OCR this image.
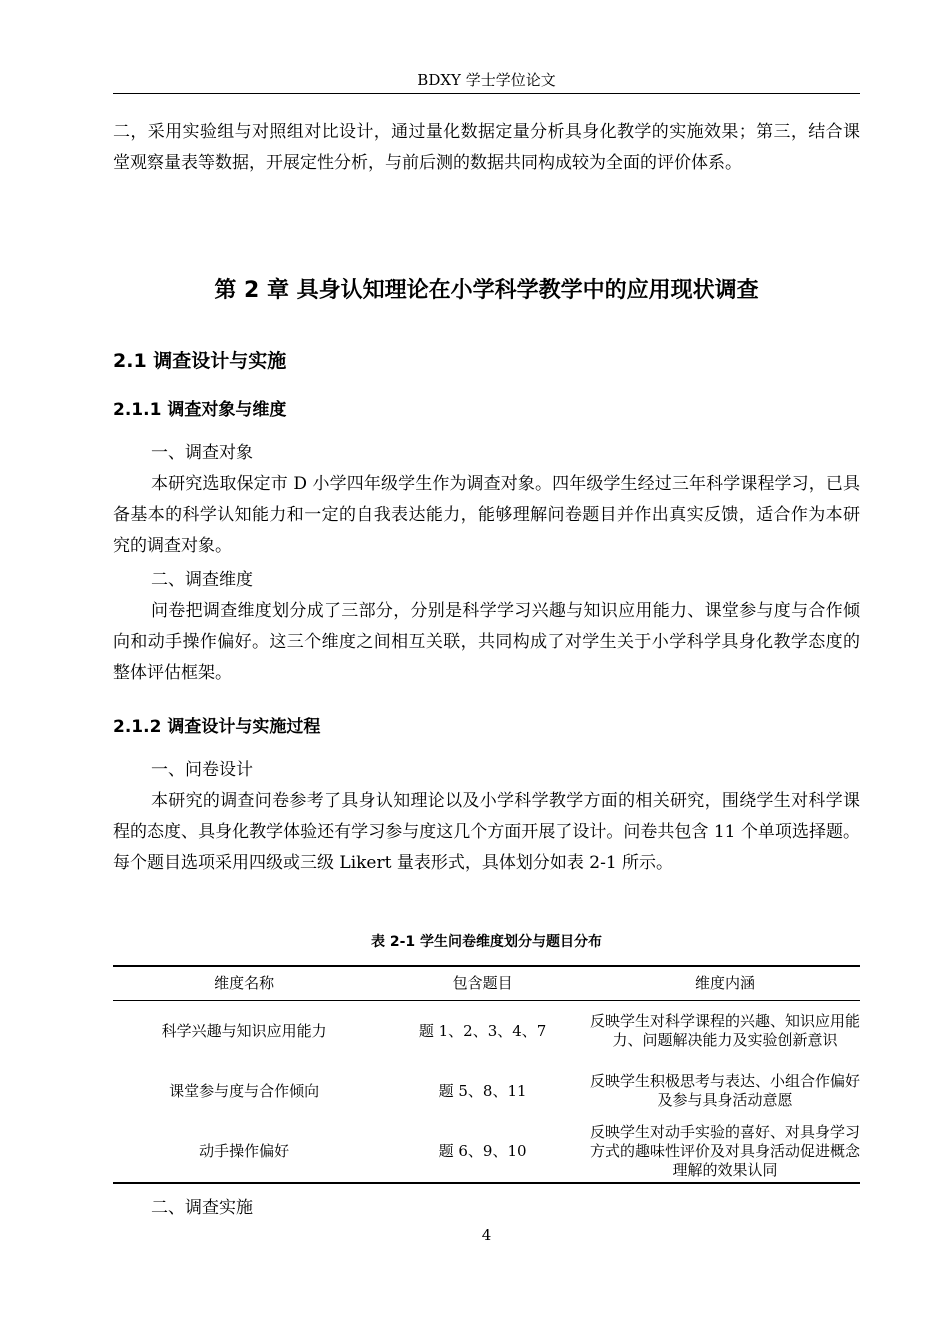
BDXY 学士学位论文

二，采用实验组与对照组对比设计，通过量化数据定量分析具身化教学的实施效果；第三，结合课堂观察量表等数据，开展定性分析，与前后测的数据共同构成较为全面的评价体系。

第 2 章 具身认知理论在小学科学教学中的应用现状调查
2.1 调查设计与实施
2.1.1 调查对象与维度

一、调查对象

本研究选取保定市 D 小学四年级学生作为调查对象。四年级学生经过三年科学课程学习，已具备基本的科学认知能力和一定的自我表达能力，能够理解问卷题目并作出真实反馈，适合作为本研究的调查对象。

二、调查维度

问卷把调查维度划分成了三部分，分别是科学学习兴趣与知识应用能力、课堂参与度与合作倾向和动手操作偏好。这三个维度之间相互关联，共同构成了对学生关于小学科学具身化教学态度的整体评估框架。

2.1.2 调查设计与实施过程

一、问卷设计

本研究的调查问卷参考了具身认知理论以及小学科学教学方面的相关研究，围绕学生对科学课程的态度、具身化教学体验还有学习参与度这几个方面开展了设计。问卷共包含 11 个单项选择题。每个题目选项采用四级或三级 Likert 量表形式，具体划分如表 2-1 所示。

表 2-1 学生问卷维度划分与题目分布
维度名称	包含题目	维度内涵
科学兴趣与知识应用能力	题 1、2、3、4、7	反映学生对科学课程的兴趣、知识应用能力、问题解决能力及实验创新意识
课堂参与度与合作倾向	题 5、8、11	反映学生积极思考与表达、小组合作偏好及参与具身活动意愿
动手操作偏好	题 6、9、10	反映学生对动手实验的喜好、对具身学习方式的趣味性评价及对具身活动促进概念理解的效果认同

二、调查实施

4
